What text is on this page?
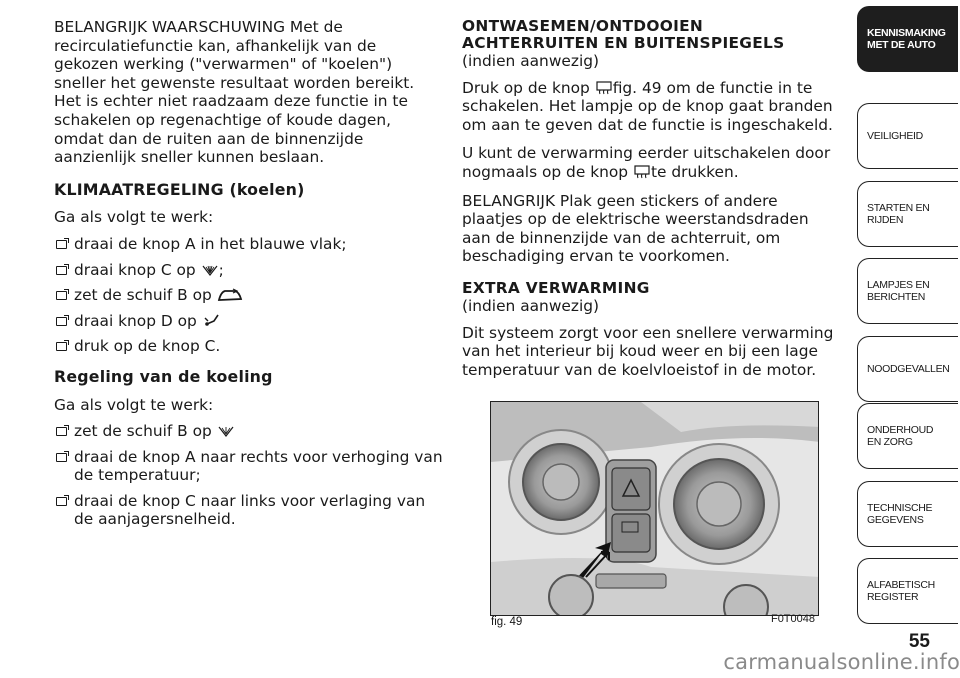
BELANGRIJK WAARSCHUWING Met de recirculatiefunctie kan, afhankelijk van de gekozen werking ("verwarmen" of "koelen") sneller het gewenste resultaat worden bereikt. Het is echter niet raadzaam deze functie in te schakelen op regenachtige of koude dagen, omdat dan de ruiten aan de binnenzijde aanzienlijk sneller kunnen beslaan.

KLIMAATREGELING (koelen)

Ga als volgt te werk:

draai de knop A in het blauwe vlak;
draai knop C op ;
zet de schuif B op
draai knop D op
druk op de knop C.
Regeling van de koeling

Ga als volgt te werk:

zet de schuif B op
draai de knop A naar rechts voor verhoging van de temperatuur;
draai de knop C naar links voor verlaging van de aanjagersnelheid.
ONTWASEMEN/ONTDOOIEN
ACHTERRUITEN EN BUITENSPIEGELS

(indien aanwezig)

Druk op de knop fig. 49 om de functie in te schakelen. Het lampje op de knop gaat branden om aan te geven dat de functie is ingeschakeld.

U kunt de verwarming eerder uitschakelen door nogmaals op de knop te drukken.

BELANGRIJK Plak geen stickers of andere plaatjes op de elektrische weerstandsdraden aan de binnenzijde van de achterruit, om beschadiging ervan te voorkomen.

EXTRA VERWARMING

(indien aanwezig)

Dit systeem zorgt voor een snellere verwarming van het interieur bij koud weer en bij een lage temperatuur van de koelvloeistof in de motor.

fig. 49	F0T0048
KENNISMAKING MET DE AUTO
VEILIGHEID
STARTEN EN RIJDEN
LAMPJES EN BERICHTEN
NOODGEVALLEN
ONDERHOUD EN ZORG
TECHNISCHE GEGEVENS
ALFABETISCH REGISTER
55
carmanualsonline.info
